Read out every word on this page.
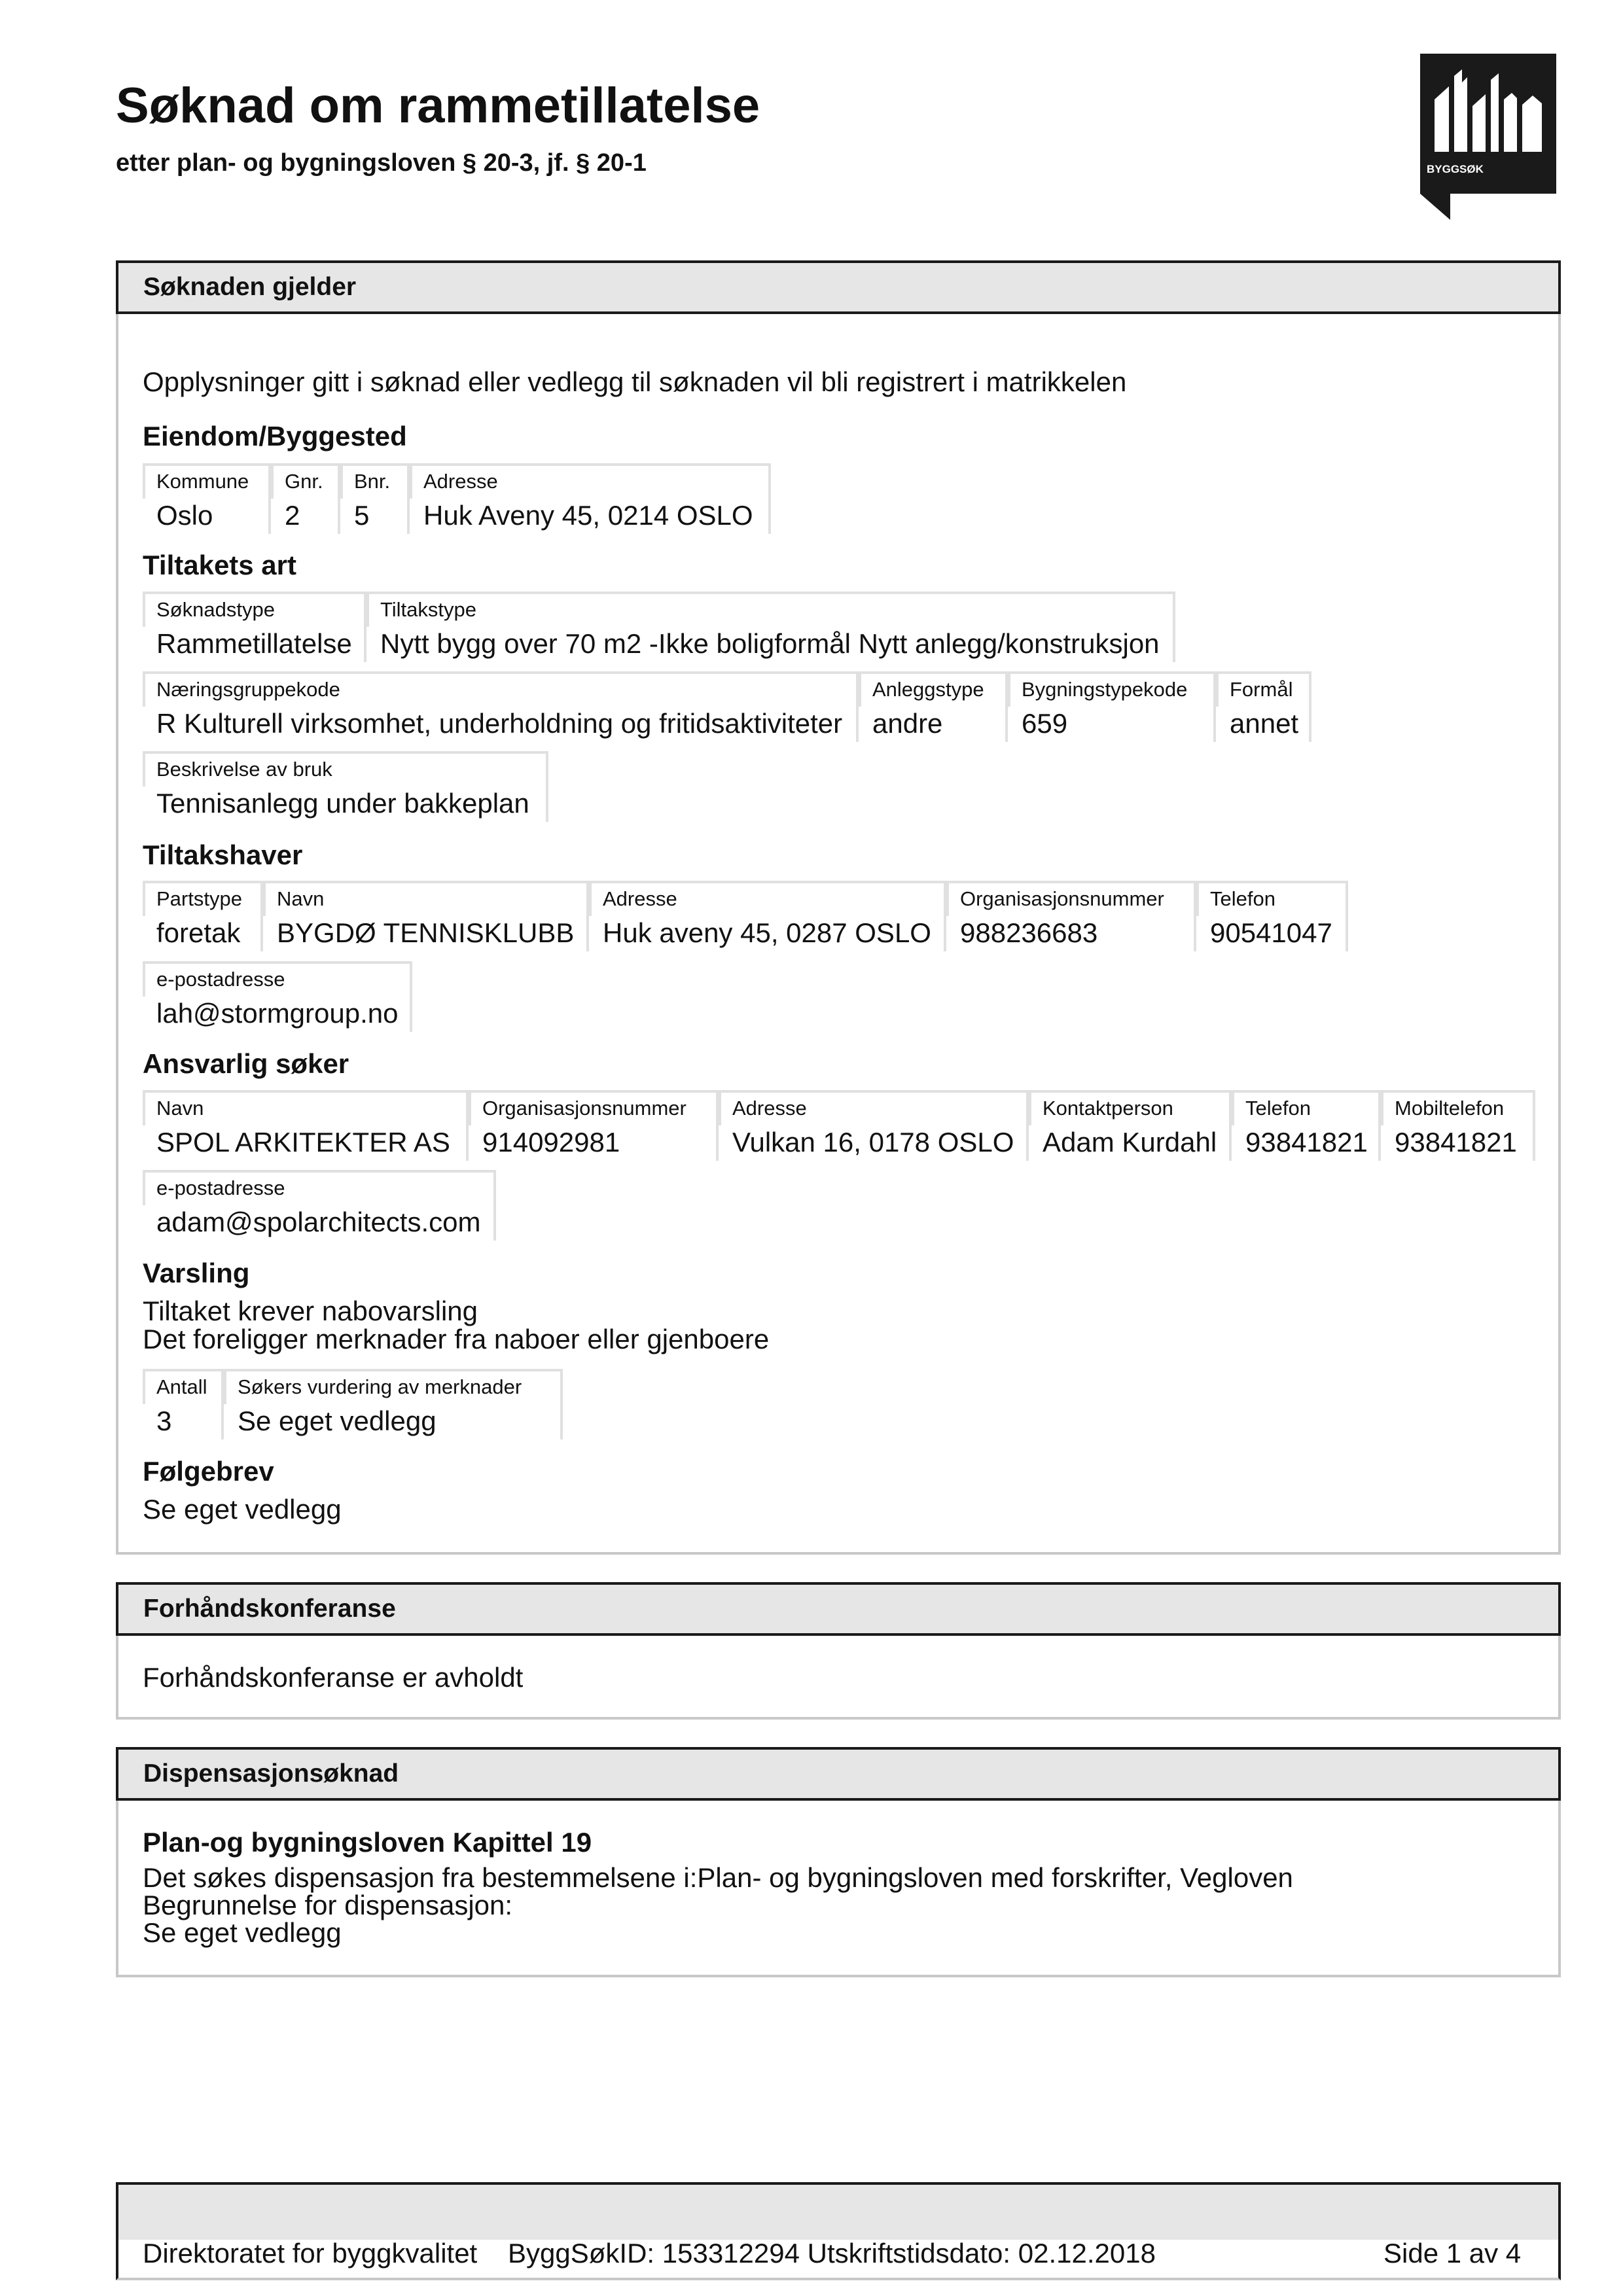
Søknad om rammetillatelse
etter plan- og bygningsloven § 20-3, jf. § 20-1	BYGGSØK
Søknaden gjelder
Opplysninger gitt i søknad eller vedlegg til søknaden vil bli registrert i matrikkelen
Eiendom/Byggested
Kommune
Oslo
Gnr.
2
Bnr.
5
Adresse
Huk Aveny 45, 0214 OSLO
Tiltakets art
Søknadstype
Rammetillatelse
Tiltakstype
Nytt bygg over 70 m2 -Ikke boligformål Nytt anlegg/konstruksjon
Næringsgruppekode
R Kulturell virksomhet, underholdning og fritidsaktiviteter
Anleggstype
andre
Bygningstypekode
659
Formål
annet
Beskrivelse av bruk
Tennisanlegg under bakkeplan
Tiltakshaver
Partstype
foretak
Navn
BYGDØ TENNISKLUBB
Adresse
Huk aveny 45, 0287 OSLO
Organisasjonsnummer
988236683
Telefon
90541047
e-postadresse
lah@stormgroup.no
Ansvarlig søker
Navn
SPOL ARKITEKTER AS
Organisasjonsnummer
914092981
Adresse
Vulkan 16, 0178 OSLO
Kontaktperson
Adam Kurdahl
Telefon
93841821
Mobiltelefon
93841821
e-postadresse
adam@spolarchitects.com
Varsling
Tiltaket krever nabovarsling
Det foreligger merknader fra naboer eller gjenboere
Antall
3
Søkers vurdering av merknader
Se eget vedlegg
Følgebrev
Se eget vedlegg
Forhåndskonferanse
Forhåndskonferanse er avholdt
Dispensasjonsøknad
Plan-og bygningsloven Kapittel 19
Det søkes dispensasjon fra bestemmelsene i:Plan- og bygningsloven med forskrifter, Vegloven
Begrunnelse for dispensasjon:
Se eget vedlegg
Direktoratet for byggkvalitet ByggSøkID: 153312294 Utskriftstidsdato: 02.12.2018	Side 1 av 4
